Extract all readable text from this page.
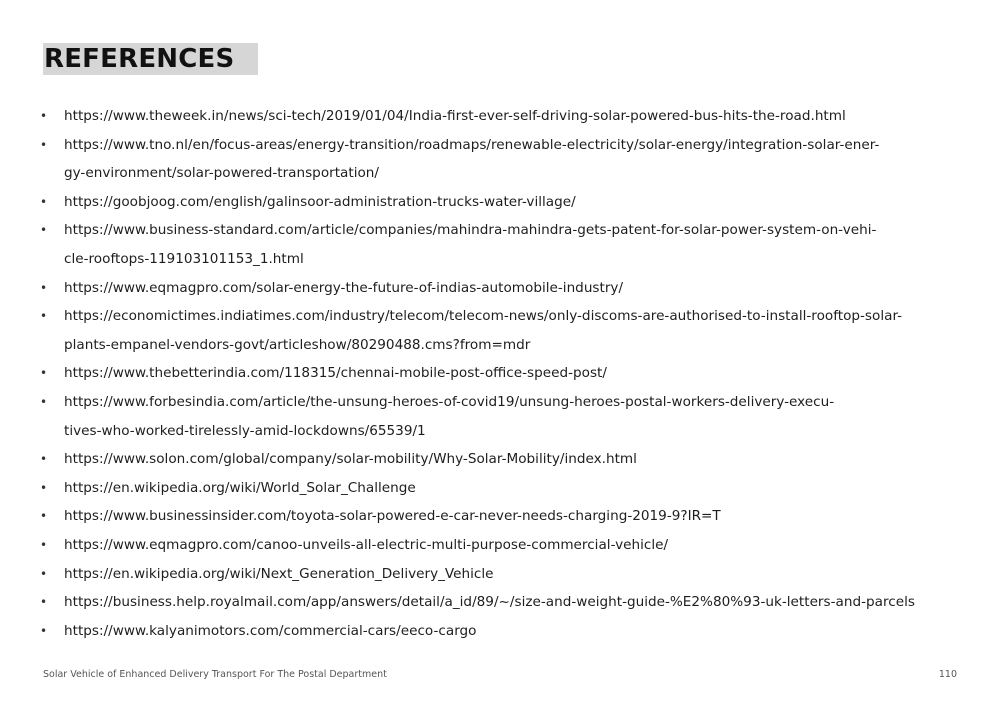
REFERENCES
• https://www.theweek.in/news/sci-tech/2019/01/04/India-first-ever-self-driving-solar-powered-bus-hits-the-road.html
• https://www.tno.nl/en/focus-areas/energy-transition/roadmaps/renewable-electricity/solar-energy/integration-solar-ener-
gy-environment/solar-powered-transportation/
• https://goobjoog.com/english/galinsoor-administration-trucks-water-village/
• https://www.business-standard.com/article/companies/mahindra-mahindra-gets-patent-for-solar-power-system-on-vehi-
cle-rooftops-119103101153_1.html
• https://www.eqmagpro.com/solar-energy-the-future-of-indias-automobile-industry/
• https://economictimes.indiatimes.com/industry/telecom/telecom-news/only-discoms-are-authorised-to-install-rooftop-solar-
plants-empanel-vendors-govt/articleshow/80290488.cms?from=mdr
• https://www.thebetterindia.com/118315/chennai-mobile-post-office-speed-post/
• https://www.forbesindia.com/article/the-unsung-heroes-of-covid19/unsung-heroes-postal-workers-delivery-execu-
tives-who-worked-tirelessly-amid-lockdowns/65539/1
• https://www.solon.com/global/company/solar-mobility/Why-Solar-Mobility/index.html
• https://en.wikipedia.org/wiki/World_Solar_Challenge
• https://www.businessinsider.com/toyota-solar-powered-e-car-never-needs-charging-2019-9?IR=T
• https://www.eqmagpro.com/canoo-unveils-all-electric-multi-purpose-commercial-vehicle/
• https://en.wikipedia.org/wiki/Next_Generation_Delivery_Vehicle
• https://business.help.royalmail.com/app/answers/detail/a_id/89/~/size-and-weight-guide-%E2%80%93-uk-letters-and-parcels
• https://www.kalyanimotors.com/commercial-cars/eeco-cargo
Solar Vehicle of Enhanced Delivery Transport For The Postal Department	110
